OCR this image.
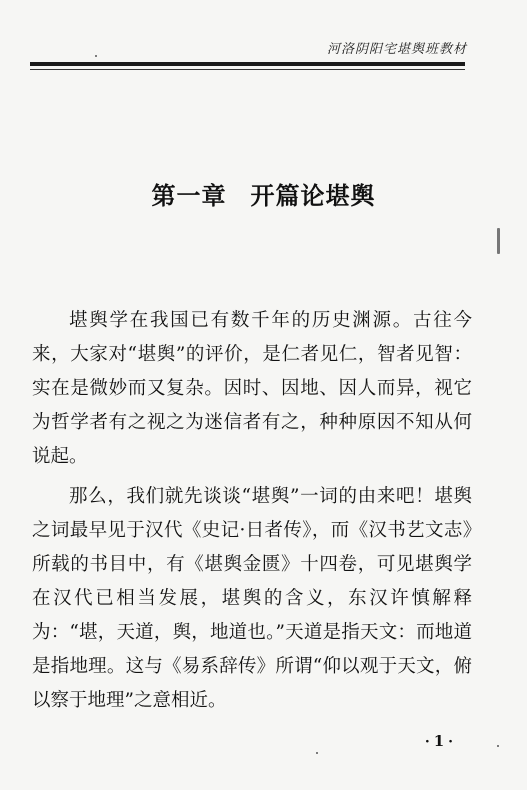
河洛阴阳宅堪舆班教材
第一章 开篇论堪舆

堪舆学在我国已有数千年的历史渊源。古往今来，大家对“堪舆”的评价，是仁者见仁，智者见智：实在是微妙而又复杂。因时、因地、因人而异，视它为哲学者有之视之为迷信者有之，种种原因不知从何说起。

那么，我们就先谈谈“堪舆”一词的由来吧！堪舆之词最早见于汉代《史记·日者传》，而《汉书艺文志》所载的书目中，有《堪舆金匮》十四卷，可见堪舆学在汉代已相当发展，堪舆的含义，东汉许慎解释为：“堪，天道，舆，地道也。”天道是指天文：而地道是指地理。这与《易系辞传》所谓“仰以观于天文，俯以察于地理”之意相近。

· 1 ·
